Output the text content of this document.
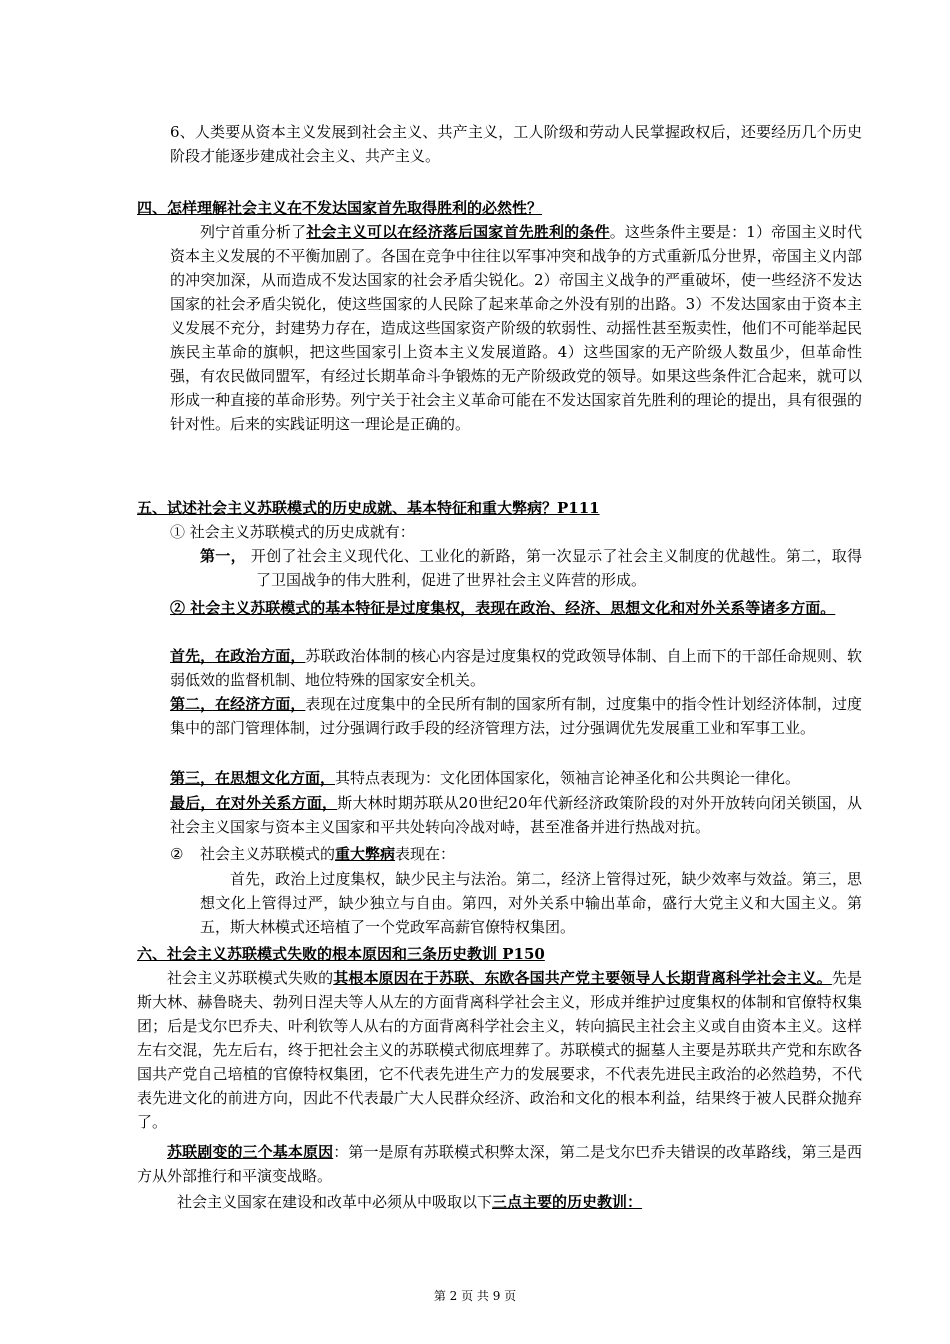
6、人类要从资本主义发展到社会主义、共产主义，工人阶级和劳动人民掌握政权后，还要经历几个历史阶段才能逐步建成社会主义、共产主义。
四、怎样理解社会主义在不发达国家首先取得胜利的必然性？
列宁首重分析了社会主义可以在经济落后国家首先胜利的条件。这些条件主要是：1）帝国主义时代资本主义发展的不平衡加剧了。各国在竞争中往往以军事冲突和战争的方式重新瓜分世界，帝国主义内部的冲突加深，从而造成不发达国家的社会矛盾尖锐化。2）帝国主义战争的严重破坏，使一些经济不发达国家的社会矛盾尖锐化，使这些国家的人民除了起来革命之外没有别的出路。3）不发达国家由于资本主义发展不充分，封建势力存在，造成这些国家资产阶级的软弱性、动摇性甚至叛卖性，他们不可能举起民族民主革命的旗帜，把这些国家引上资本主义发展道路。4）这些国家的无产阶级人数虽少，但革命性强，有农民做同盟军，有经过长期革命斗争锻炼的无产阶级政党的领导。如果这些条件汇合起来，就可以形成一种直接的革命形势。列宁关于社会主义革命可能在不发达国家首先胜利的理论的提出，具有很强的针对性。后来的实践证明这一理论是正确的。
五、试述社会主义苏联模式的历史成就、基本特征和重大弊病？P111
① 社会主义苏联模式的历史成就有：
第一， 开创了社会主义现代化、工业化的新路，第一次显示了社会主义制度的优越性。第二，取得了卫国战争的伟大胜利，促进了世界社会主义阵营的形成。
② 社会主义苏联模式的基本特征是过度集权，表现在政治、经济、思想文化和对外关系等诸多方面。
首先，在政治方面，苏联政治体制的核心内容是过度集权的党政领导体制、自上而下的干部任命规则、软弱低效的监督机制、地位特殊的国家安全机关。
第二，在经济方面，表现在过度集中的全民所有制的国家所有制，过度集中的指令性计划经济体制，过度集中的部门管理体制，过分强调行政手段的经济管理方法，过分强调优先发展重工业和军事工业。
第三，在思想文化方面，其特点表现为：文化团体国家化，领袖言论神圣化和公共舆论一律化。
最后，在对外关系方面，斯大林时期苏联从20世纪20年代新经济政策阶段的对外开放转向闭关锁国，从社会主义国家与资本主义国家和平共处转向冷战对峙，甚至准备并进行热战对抗。
② 社会主义苏联模式的重大弊病表现在：
首先，政治上过度集权，缺少民主与法治。第二，经济上管得过死，缺少效率与效益。第三，思想文化上管得过严，缺少独立与自由。第四，对外关系中输出革命，盛行大党主义和大国主义。第五，斯大林模式还培植了一个党政军高薪官僚特权集团。
六、社会主义苏联模式失败的根本原因和三条历史教训 P150
社会主义苏联模式失败的其根本原因在于苏联、东欧各国共产党主要领导人长期背离科学社会主义。先是斯大林、赫鲁晓夫、勃列日涅夫等人从左的方面背离科学社会主义，形成并维护过度集权的体制和官僚特权集团；后是戈尔巴乔夫、叶利钦等人从右的方面背离科学社会主义，转向搞民主社会主义或自由资本主义。这样左右交混，先左后右，终于把社会主义的苏联模式彻底埋葬了。苏联模式的掘墓人主要是苏联共产党和东欧各国共产党自己培植的官僚特权集团，它不代表先进生产力的发展要求，不代表先进民主政治的必然趋势，不代表先进文化的前进方向，因此不代表最广大人民群众经济、政治和文化的根本利益，结果终于被人民群众抛弃了。
苏联剧变的三个基本原因：第一是原有苏联模式积弊太深，第二是戈尔巴乔夫错误的改革路线，第三是西方从外部推行和平演变战略。
社会主义国家在建设和改革中必须从中吸取以下三点主要的历史教训：
第 2 页 共 9 页
